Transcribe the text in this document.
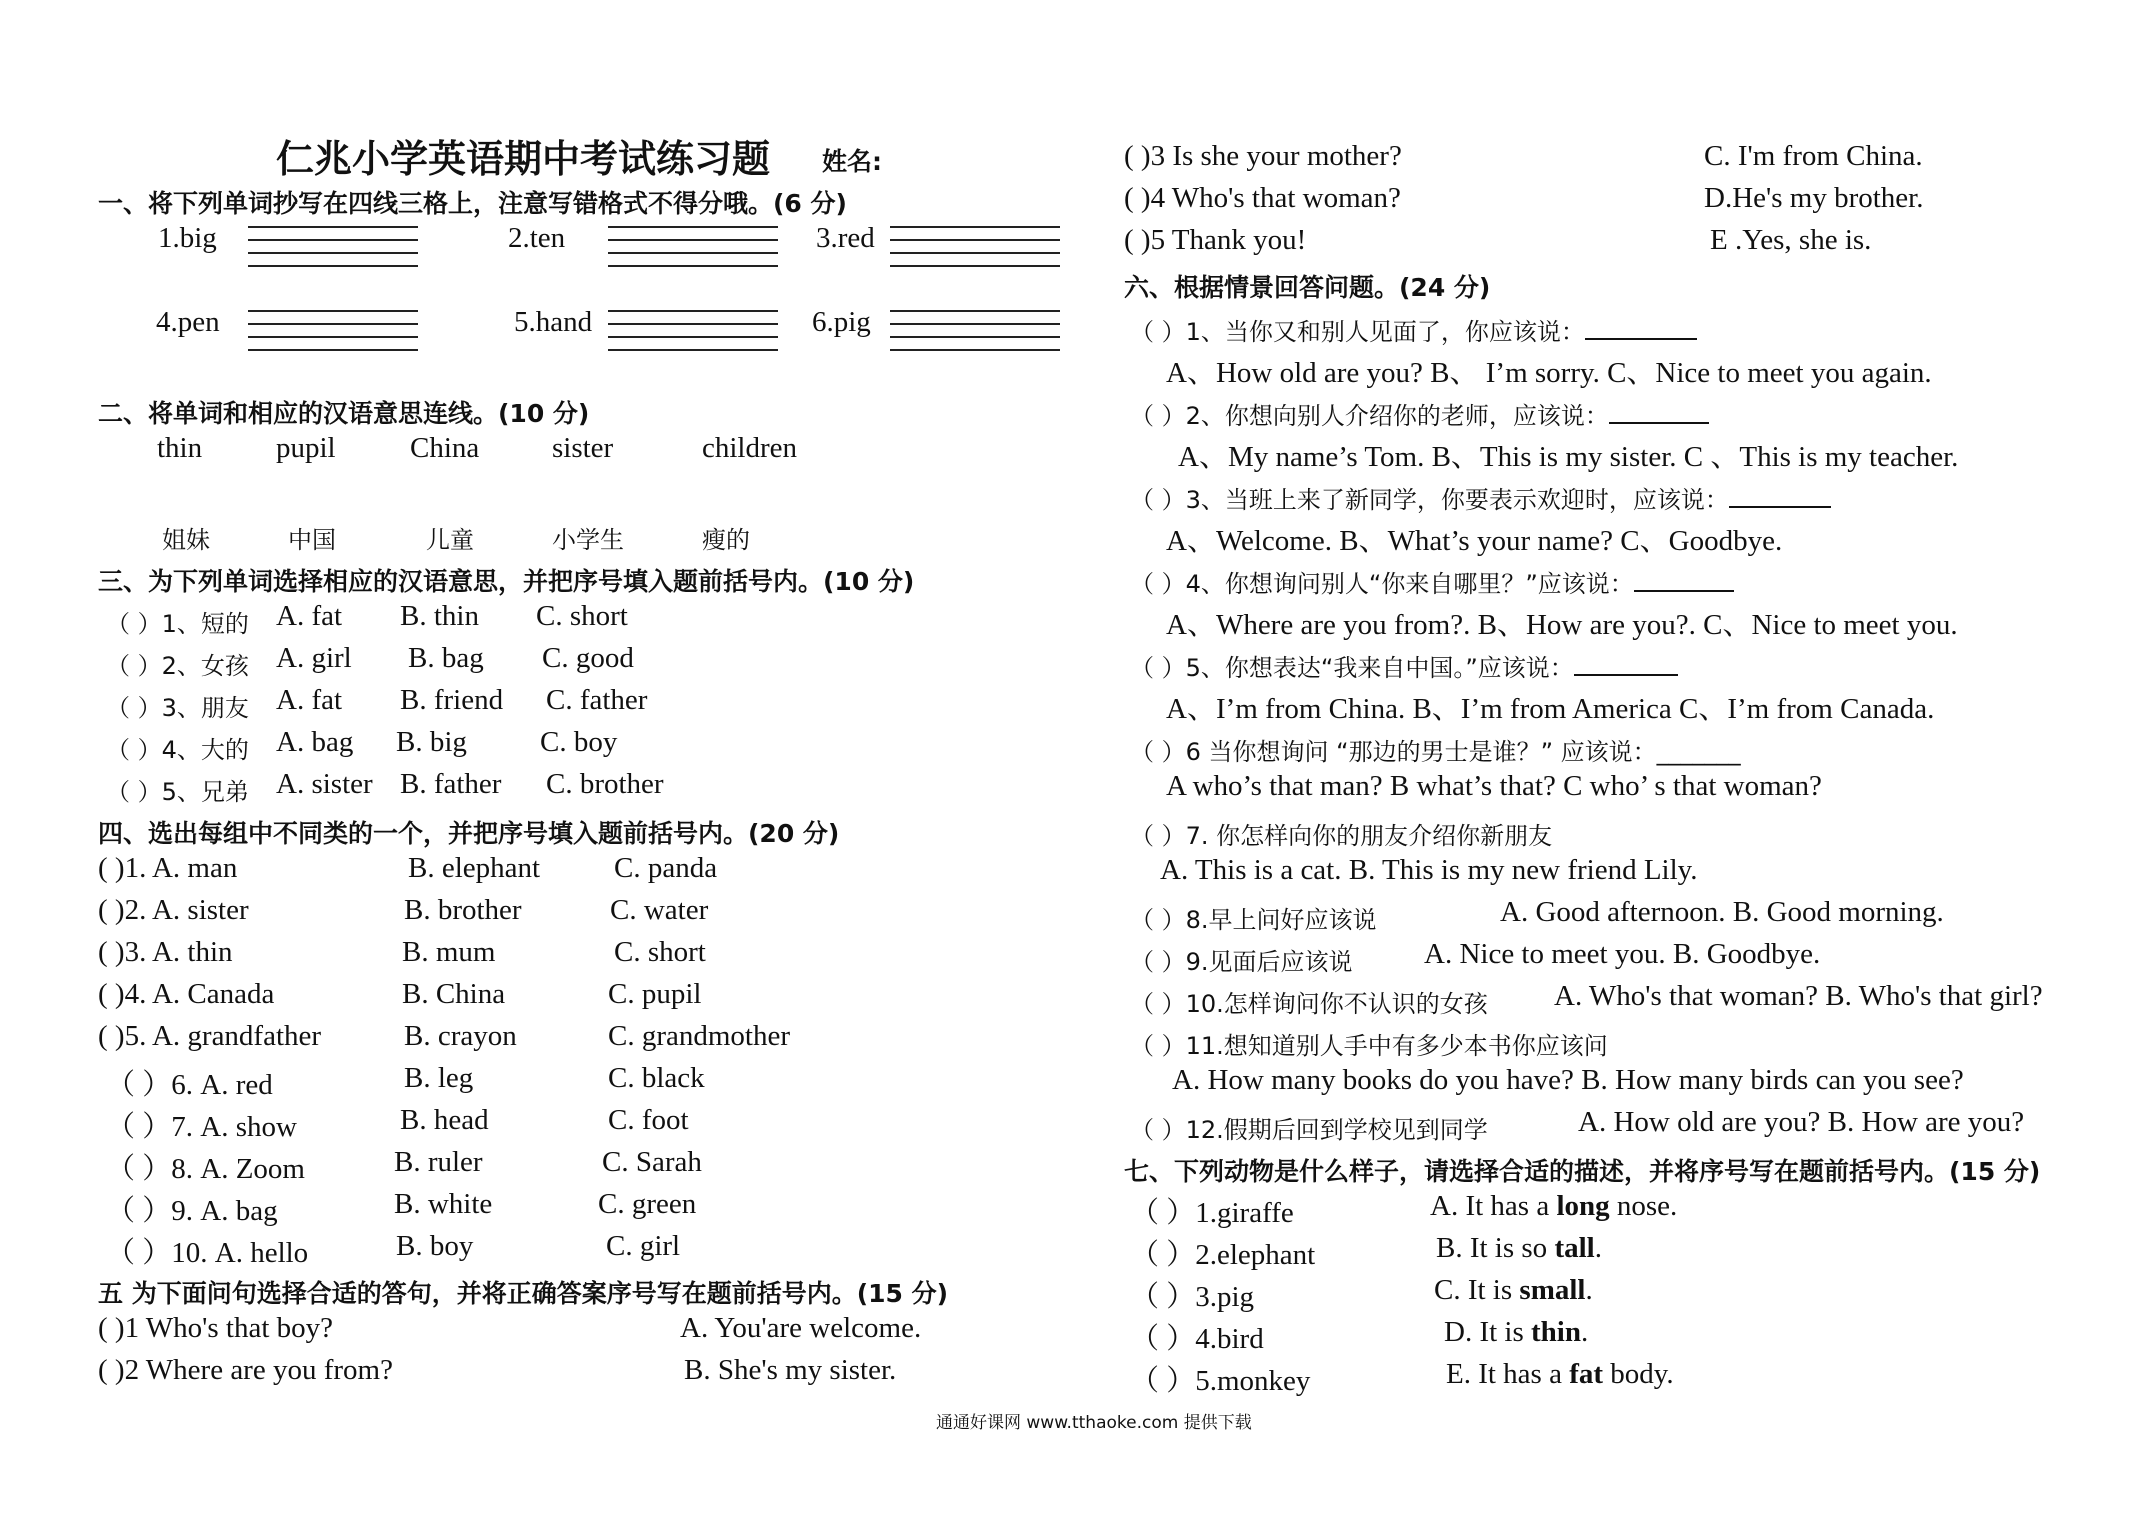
仁兆小学英语期中考试练习题 姓名:
一、将下列单词抄写在四线三格上，注意写错格式不得分哦。(6 分)
1.big	2.ten	3.red
4.pen	5.hand	6.pig
二、将单词和相应的汉语意思连线。(10 分)
thin	pupil	China	sister	children
姐妹	中国	儿童	小学生	瘦的
三、为下列单词选择相应的汉语意思，并把序号填入题前括号内。(10 分)
（ ）1、短的 A. fat B. thin C. short
（ ）2、女孩 A. girl B. bag C. good
（ ）3、朋友 A. fat B. friend C. father
（ ）4、大的 A. bag B. big	C. boy
（ ）5、兄弟 A. sister B. father C. brother
四、选出每组中不同类的一个，并把序号填入题前括号内。(20 分)
( )1. A. man	B. elephant	C. panda
( )2. A. sister	B. brother	C. water
( )3. A. thin	B. mum	C. short
( )4. A. Canada	B. China	C. pupil
( )5. A. grandfather	B. crayon	C. grandmother
（ ）6. A. red	B. leg	C. black
（ ）7. A. show	B. head	C. foot
（ ）8. A. Zoom	B. ruler	C. Sarah
（ ）9. A. bag	B. white	C. green
（ ）10. A. hello	B. boy	C. girl
五 为下面问句选择合适的答句，并将正确答案序号写在题前括号内。(15 分)
( )1 Who's that boy?	A. You'are welcome.
( )2 Where are you from?	B. She's my sister.
( )3 Is she your mother?	C. I'm from China.
( )4 Who's that woman?	D.He's my brother.
( )5 Thank you!	E .Yes, she is.
六、根据情景回答问题。(24 分)
（ ）1、当你又和别人见面了，你应该说：
A、How old are you? B、 I’m sorry. C、Nice to meet you again.
（ ）2、你想向别人介绍你的老师，应该说：
A、My name’s Tom. B、This is my sister. C 、This is my teacher.
（ ）3、当班上来了新同学，你要表示欢迎时，应该说：
A、Welcome. B、What’s your name? C、Goodbye.
（ ）4、你想询问别人“你来自哪里？”应该说：
A、Where are you from?. B、How are you?. C、Nice to meet you.
（ ）5、你想表达“我来自中国。”应该说：
A、I’m from China. B、I’m from America C、I’m from Canada.
（ ）6 当你想询问 “那边的男士是谁？” 应该说：_______
A who’s that man? B what’s that? C who’ s that woman?
（ ）7. 你怎样向你的朋友介绍你新朋友
A. This is a cat. B. This is my new friend Lily.
（ ）8.早上问好应该说	A. Good afternoon. B. Good morning.
（ ）9.见面后应该说 A. Nice to meet you. B. Goodbye.
（ ）10.怎样询问你不认识的女孩 A. Who's that woman? B. Who's that girl?
（ ）11.想知道别人手中有多少本书你应该问
A. How many books do you have? B. How many birds can you see?
（ ）12.假期后回到学校见到同学	A. How old are you? B. How are you?
七、下列动物是什么样子，请选择合适的描述，并将序号写在题前括号内。(15 分)
（ ）1.giraffe	A. It has a long nose.
（ ）2.elephant	B. It is so tall.
（ ）3.pig	C. It is small.
（ ）4.bird	D. It is thin.
（ ）5.monkey	E. It has a fat body.
通通好课网 www.tthaoke.com 提供下载
